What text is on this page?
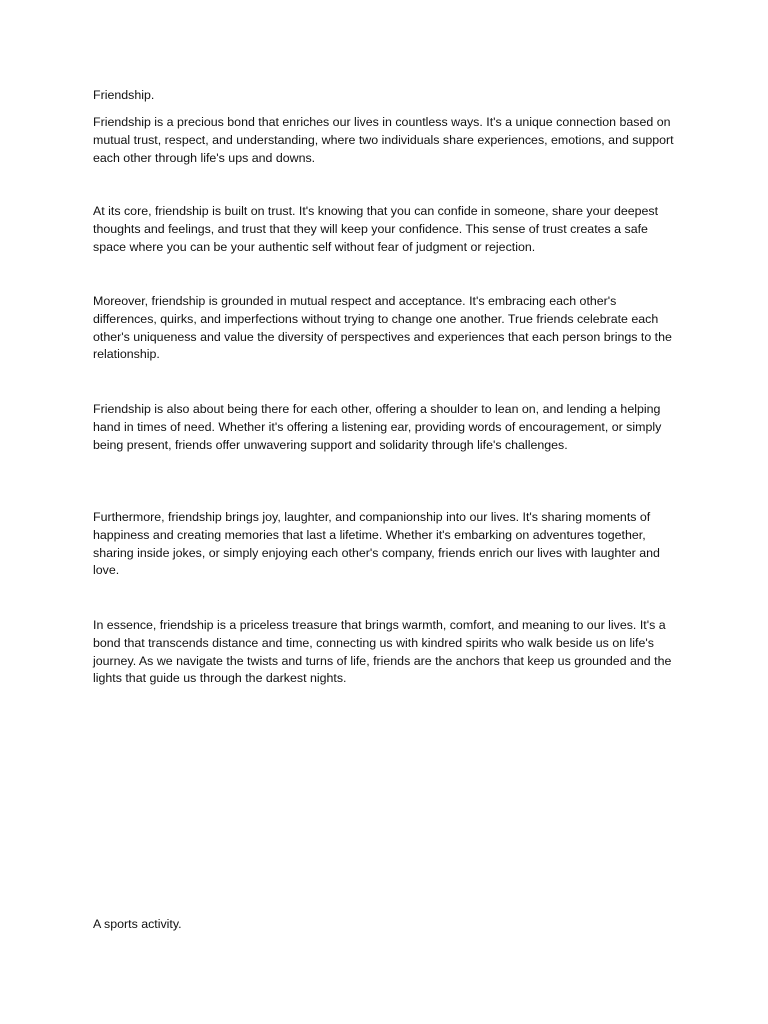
Friendship.

Friendship is a precious bond that enriches our lives in countless ways. It's a unique connection based on mutual trust, respect, and understanding, where two individuals share experiences, emotions, and support each other through life's ups and downs.

At its core, friendship is built on trust. It's knowing that you can confide in someone, share your deepest thoughts and feelings, and trust that they will keep your confidence. This sense of trust creates a safe space where you can be your authentic self without fear of judgment or rejection.

Moreover, friendship is grounded in mutual respect and acceptance. It's embracing each other's differences, quirks, and imperfections without trying to change one another. True friends celebrate each other's uniqueness and value the diversity of perspectives and experiences that each person brings to the relationship.

Friendship is also about being there for each other, offering a shoulder to lean on, and lending a helping hand in times of need. Whether it's offering a listening ear, providing words of encouragement, or simply being present, friends offer unwavering support and solidarity through life's challenges.

Furthermore, friendship brings joy, laughter, and companionship into our lives. It's sharing moments of happiness and creating memories that last a lifetime. Whether it's embarking on adventures together, sharing inside jokes, or simply enjoying each other's company, friends enrich our lives with laughter and love.

In essence, friendship is a priceless treasure that brings warmth, comfort, and meaning to our lives. It's a bond that transcends distance and time, connecting us with kindred spirits who walk beside us on life's journey. As we navigate the twists and turns of life, friends are the anchors that keep us grounded and the lights that guide us through the darkest nights.

A sports activity.
